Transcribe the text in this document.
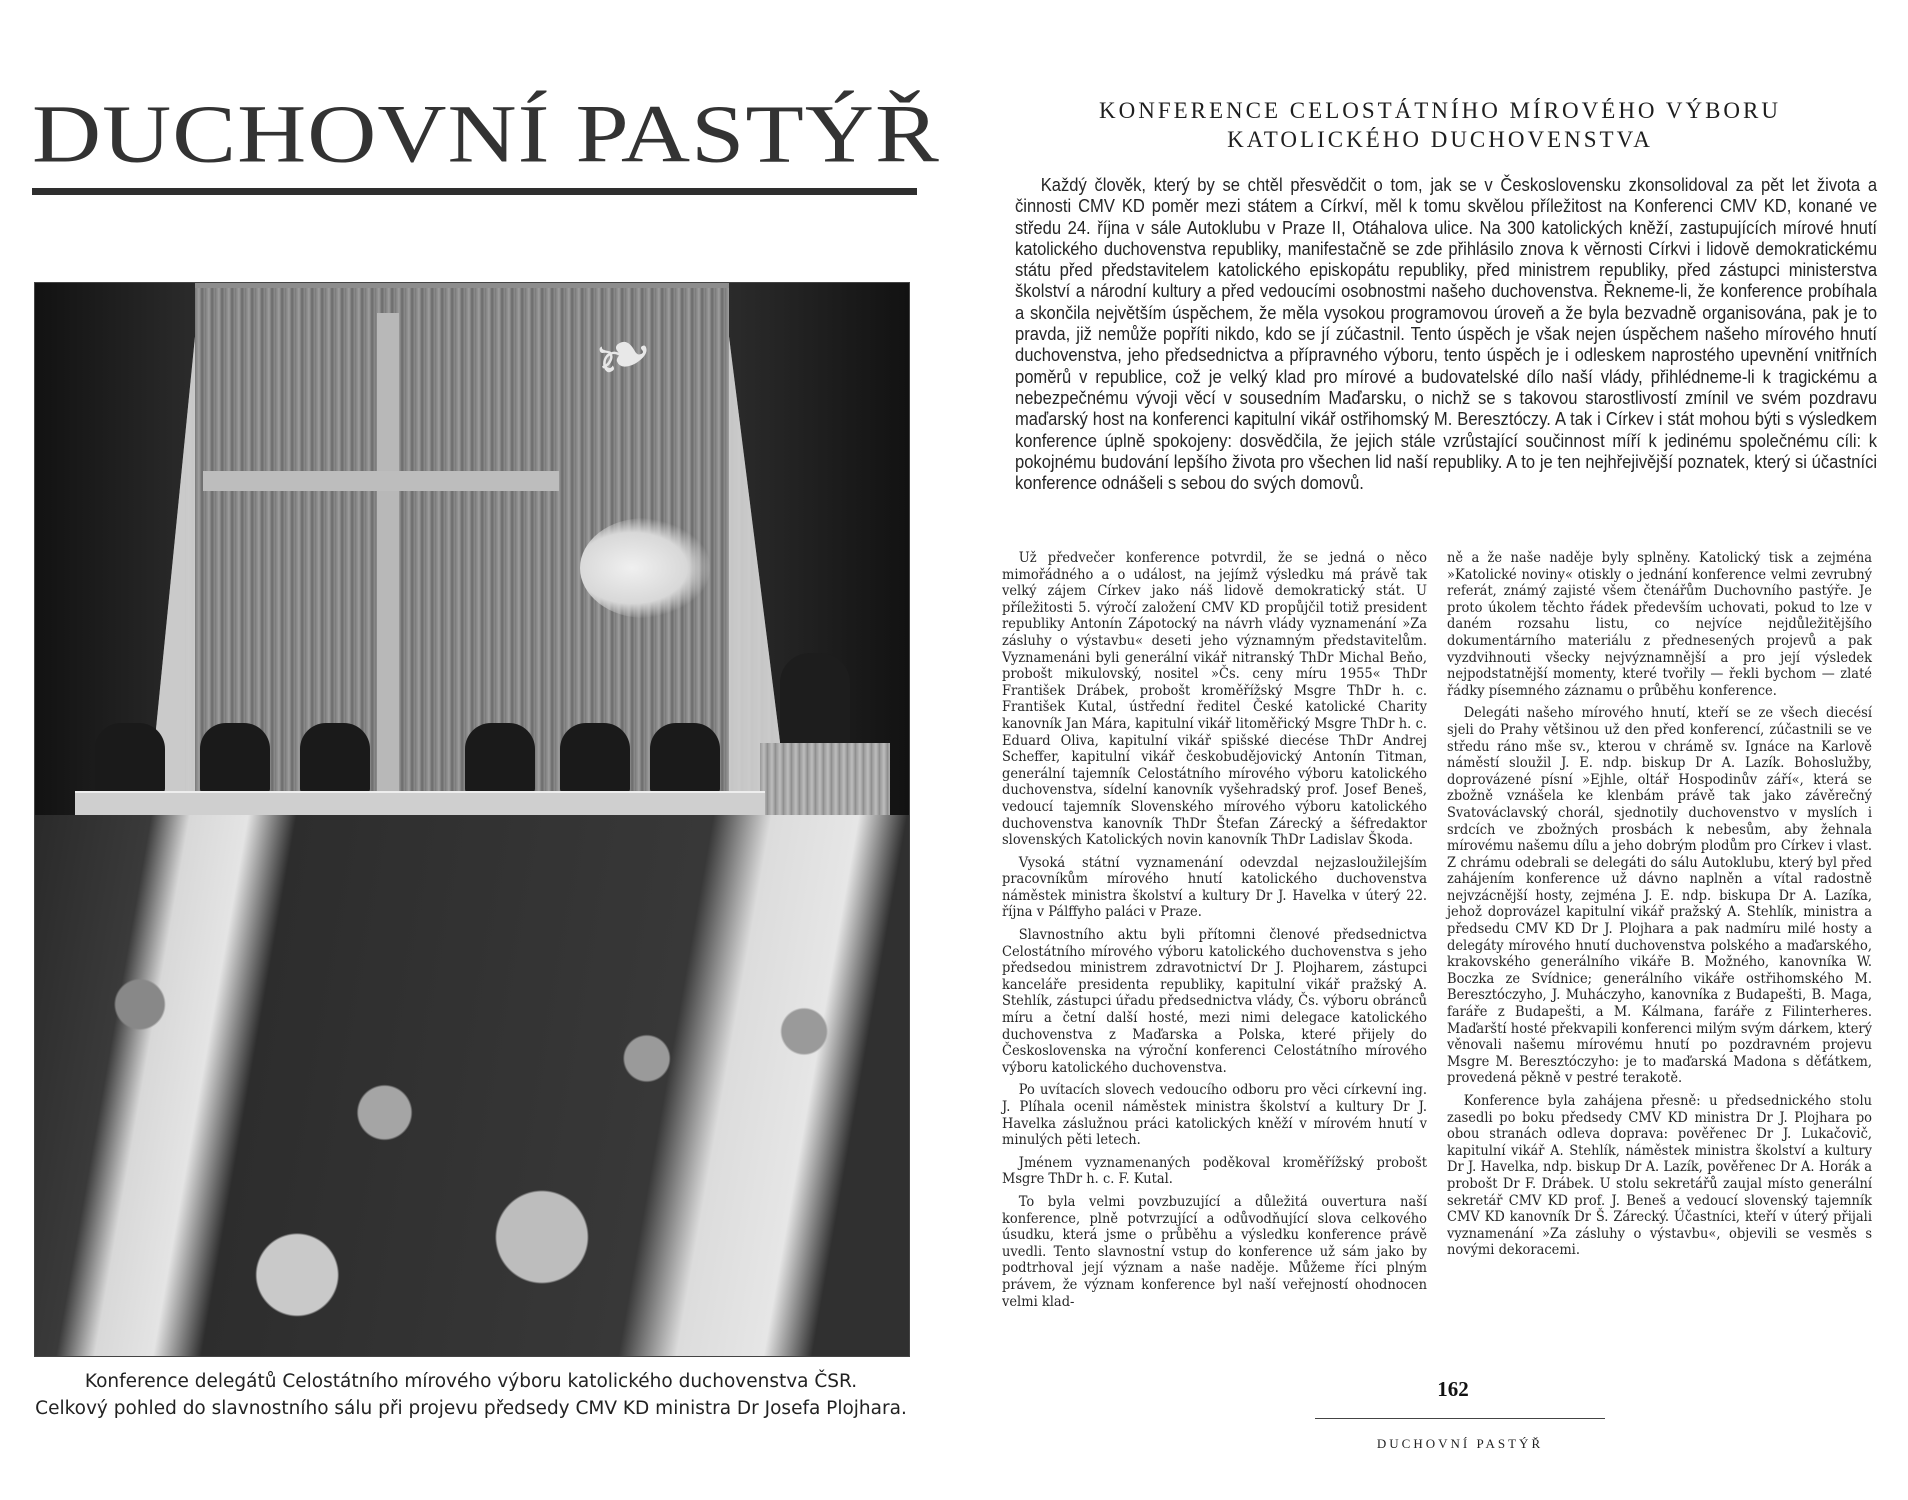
DUCHOVNÍ PASTÝŘ
❧
Konference delegátů Celostátního mírového výboru katolického duchovenstva ČSR.
Celkový pohled do slavnostního sálu při projevu předsedy CMV KD ministra Dr Josefa Plojhara.
KONFERENCE CELOSTÁTNÍHO MÍROVÉHO VÝBORU
KATOLICKÉHO DUCHOVENSTVA

Každý člověk, který by se chtěl přesvědčit o tom, jak se v Československu zkonsolidoval za pět let života a činnosti CMV KD poměr mezi státem a Církví, měl k tomu skvělou příležitost na Konferenci CMV KD, konané ve středu 24. října v sále Autoklubu v Praze II, Otáhalova ulice. Na 300 katolických kněží, zastupujících mírové hnutí katolického duchovenstva republiky, manifestačně se zde přihlásilo znova k věrnosti Církvi i lidově demokratickému státu před představitelem katolického episkopátu republiky, před ministrem republiky, před zástupci ministerstva školství a národní kultury a před vedoucími osobnostmi našeho duchovenstva. Řekneme-li, že konference probíhala a skončila největším úspěchem, že měla vysokou programovou úroveň a že byla bezvadně organisována, pak je to pravda, již nemůže popříti nikdo, kdo se jí zúčastnil. Tento úspěch je však nejen úspěchem našeho mírového hnutí duchovenstva, jeho předsednictva a přípravného výboru, tento úspěch je i odleskem naprostého upevnění vnitřních poměrů v republice, což je velký klad pro mírové a budovatelské dílo naší vlády, přihlédneme-li k tragickému a nebezpečnému vývoji věcí v sousedním Maďarsku, o nichž se s takovou starostlivostí zmínil ve svém pozdravu maďarský host na konferenci kapitulní vikář ostřihomský M. Beresztóczy. A tak i Církev i stát mohou býti s výsledkem konference úplně spokojeny: dosvědčila, že jejich stále vzrůstající součinnost míří k jedinému společnému cíli: k pokojnému budování lepšího života pro všechen lid naší republiky. A to je ten nejhřejivější poznatek, který si účastníci konference odnášeli s sebou do svých domovů.

Už předvečer konference potvrdil, že se jedná o něco mimořádného a o událost, na jejímž výsledku má právě tak velký zájem Církev jako náš lidově demokratický stát. U příležitosti 5. výročí založení CMV KD propůjčil totiž president republiky Antonín Zápotocký na návrh vlády vyznamenání »Za zásluhy o výstavbu« deseti jeho významným představitelům. Vyznamenáni byli generální vikář nitranský ThDr Michal Beňo, probošt mikulovský, nositel »Čs. ceny míru 1955« ThDr František Drábek, probošt kroměřížský Msgre ThDr h. c. František Kutal, ústřední ředitel České katolické Charity kanovník Jan Mára, kapitulní vikář litoměřický Msgre ThDr h. c. Eduard Oliva, kapitulní vikář spišské diecése ThDr Andrej Scheffer, kapitulní vikář českobudějovický Antonín Titman, generální tajemník Celostátního mírového výboru katolického duchovenstva, sídelní kanovník vyšehradský prof. Josef Beneš, vedoucí tajemník Slovenského mírového výboru katolického duchovenstva kanovník ThDr Štefan Zárecký a šéfredaktor slovenských Katolických novin kanovník ThDr Ladislav Škoda.

Vysoká státní vyznamenání odevzdal nejzasloužilejším pracovníkům mírového hnutí katolického duchovenstva náměstek ministra školství a kultury Dr J. Havelka v úterý 22. října v Pálffyho paláci v Praze.

Slavnostního aktu byli přítomni členové předsednictva Celostátního mírového výboru katolického duchovenstva s jeho předsedou ministrem zdravotnictví Dr J. Plojharem, zástupci kanceláře presidenta republiky, kapitulní vikář pražský A. Stehlík, zástupci úřadu předsednictva vlády, Čs. výboru obránců míru a četní další hosté, mezi nimi delegace katolického duchovenstva z Maďarska a Polska, které přijely do Československa na výroční konferenci Celostátního mírového výboru katolického duchovenstva.

Po uvítacích slovech vedoucího odboru pro věci církevní ing. J. Plíhala ocenil náměstek ministra školství a kultury Dr J. Havelka záslužnou práci katolických kněží v mírovém hnutí v minulých pěti letech.

Jménem vyznamenaných poděkoval kroměřížský probošt Msgre ThDr h. c. F. Kutal.

To byla velmi povzbuzující a důležitá ouvertura naší konference, plně potvrzující a odůvodňující slova celkového úsudku, která jsme o průběhu a výsledku konference právě uvedli. Tento slavnostní vstup do konference už sám jako by podtrhoval její význam a naše naděje. Můžeme říci plným právem, že význam konference byl naší veřejností ohodnocen velmi klad-

ně a že naše naděje byly splněny. Katolický tisk a zejména »Katolické noviny« otiskly o jednání konference velmi zevrubný referát, známý zajisté všem čtenářům Duchovního pastýře. Je proto úkolem těchto řádek především uchovati, pokud to lze v daném rozsahu listu, co nejvíce nejdůležitějšího dokumentárního materiálu z přednesených projevů a pak vyzdvihnouti všecky nejvýznamnější a pro její výsledek nejpodstatnější momenty, které tvořily — řekli bychom — zlaté řádky písemného záznamu o průběhu konference.

Delegáti našeho mírového hnutí, kteří se ze všech diecésí sjeli do Prahy většinou už den před konferencí, zúčastnili se ve středu ráno mše sv., kterou v chrámě sv. Ignáce na Karlově náměstí sloužil J. E. ndp. biskup Dr A. Lazík. Bohoslužby, doprovázené písní »Ejhle, oltář Hospodinův září«, která se zbožně vznášela ke klenbám právě tak jako závěrečný Svatováclavský chorál, sjednotily duchovenstvo v myslích i srdcích ve zbožných prosbách k nebesům, aby žehnala mírovému našemu dílu a jeho dobrým plodům pro Církev i vlast. Z chrámu odebrali se delegáti do sálu Autoklubu, který byl před zahájením konference už dávno naplněn a vítal radostně nejvzácnější hosty, zejména J. E. ndp. biskupa Dr A. Lazíka, jehož doprovázel kapitulní vikář pražský A. Stehlík, ministra a předsedu CMV KD Dr J. Plojhara a pak nadmíru milé hosty a delegáty mírového hnutí duchovenstva polského a maďarského, krakovského generálního vikáře B. Možného, kanovníka W. Boczka ze Svídnice; generálního vikáře ostřihomského M. Beresztóczyho, J. Muháczyho, kanovníka z Budapešti, B. Maga, faráře z Budapešti, a M. Kálmana, faráře z Filinterheres. Maďarští hosté překvapili konferenci milým svým dárkem, který věnovali našemu mírovému hnutí po pozdravném projevu Msgre M. Beresztóczyho: je to maďarská Madona s děťátkem, provedená pěkně v pestré terakotě.

Konference byla zahájena přesně: u předsednického stolu zasedli po boku předsedy CMV KD ministra Dr J. Plojhara po obou stranách odleva doprava: pověřenec Dr J. Lukačovič, kapitulní vikář A. Stehlík, náměstek ministra školství a kultury Dr J. Havelka, ndp. biskup Dr A. Lazík, pověřenec Dr A. Horák a probošt Dr F. Drábek. U stolu sekretářů zaujal místo generální sekretář CMV KD prof. J. Beneš a vedoucí slovenský tajemník CMV KD kanovník Dr Š. Zárecký. Účastníci, kteří v úterý přijali vyznamenání »Za zásluhy o výstavbu«, objevili se vesměs s novými dekoracemi.

162
DUCHOVNÍ PASTÝŘ
